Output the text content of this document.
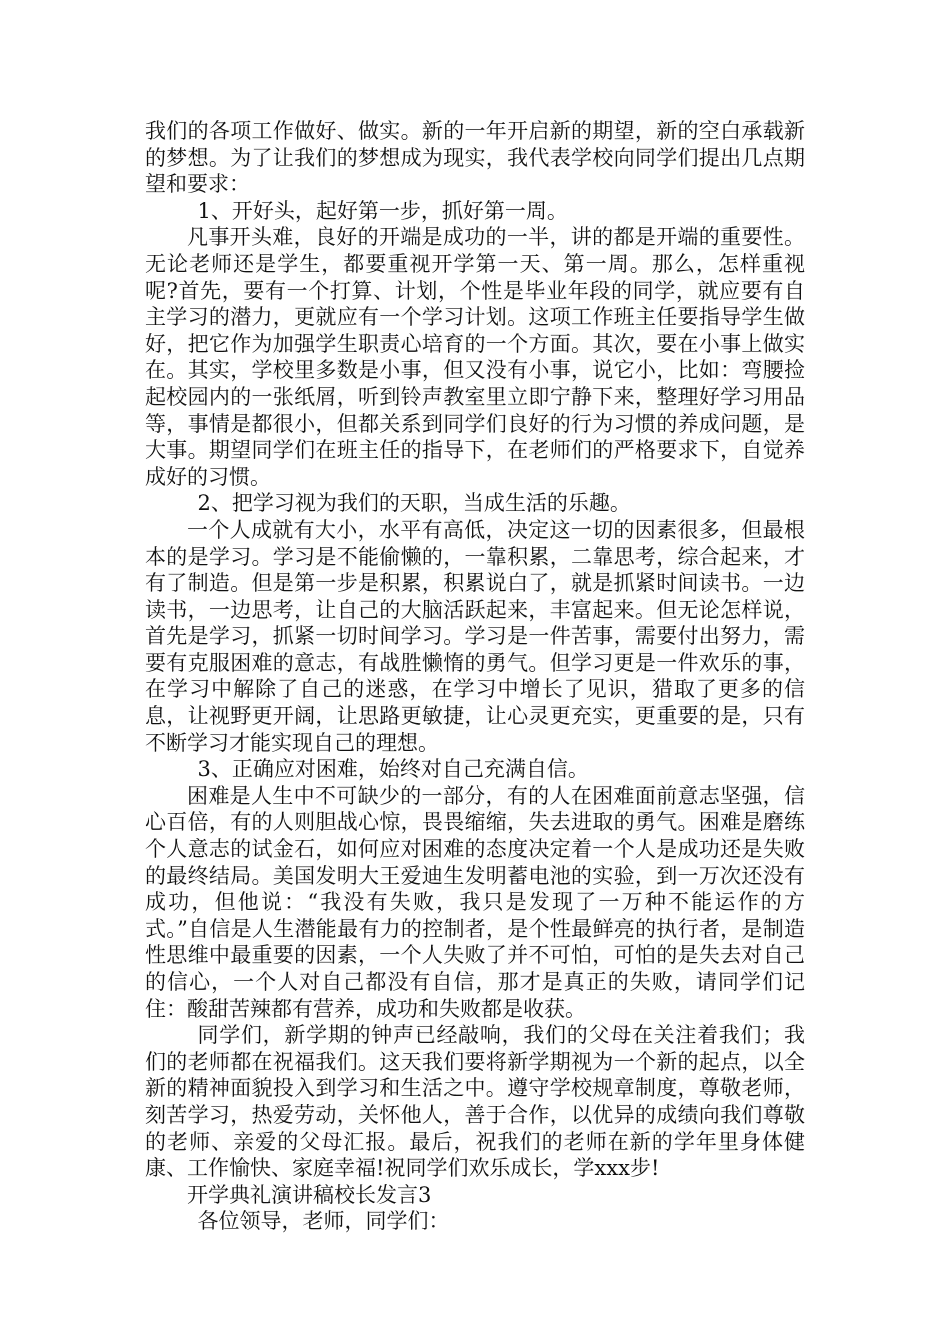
我们的各项工作做好、做实。新的一年开启新的期望，新的空白承载新的梦想。为了让我们的梦想成为现实，我代表学校向同学们提出几点期望和要求：

1、开好头，起好第一步，抓好第一周。

凡事开头难，良好的开端是成功的一半，讲的都是开端的重要性。无论老师还是学生，都要重视开学第一天、第一周。那么，怎样重视呢?首先，要有一个打算、计划，个性是毕业年段的同学，就应要有自主学习的潜力，更就应有一个学习计划。这项工作班主任要指导学生做好，把它作为加强学生职责心培育的一个方面。其次，要在小事上做实在。其实，学校里多数是小事，但又没有小事，说它小，比如：弯腰捡起校园内的一张纸屑，听到铃声教室里立即宁静下来，整理好学习用品等，事情是都很小，但都关系到同学们良好的行为习惯的养成问题，是大事。期望同学们在班主任的指导下，在老师们的严格要求下，自觉养成好的习惯。

2、把学习视为我们的天职，当成生活的乐趣。

一个人成就有大小，水平有高低，决定这一切的因素很多，但最根本的是学习。学习是不能偷懒的，一靠积累，二靠思考，综合起来，才有了制造。但是第一步是积累，积累说白了，就是抓紧时间读书。一边读书，一边思考，让自己的大脑活跃起来，丰富起来。但无论怎样说，首先是学习，抓紧一切时间学习。学习是一件苦事，需要付出努力，需要有克服困难的意志，有战胜懒惰的勇气。但学习更是一件欢乐的事，在学习中解除了自己的迷惑，在学习中增长了见识，猎取了更多的信息，让视野更开阔，让思路更敏捷，让心灵更充实，更重要的是，只有不断学习才能实现自己的理想。

3、正确应对困难，始终对自己充满自信。

困难是人生中不可缺少的一部分，有的人在困难面前意志坚强，信心百倍，有的人则胆战心惊，畏畏缩缩，失去进取的勇气。困难是磨练个人意志的试金石，如何应对困难的态度决定着一个人是成功还是失败的最终结局。美国发明大王爱迪生发明蓄电池的实验，到一万次还没有成功，但他说：“我没有失败，我只是发现了一万种不能运作的方式。”自信是人生潜能最有力的控制者，是个性最鲜亮的执行者，是制造性思维中最重要的因素，一个人失败了并不可怕，可怕的是失去对自己的信心，一个人对自己都没有自信，那才是真正的失败，请同学们记住：酸甜苦辣都有营养，成功和失败都是收获。

同学们，新学期的钟声已经敲响，我们的父母在关注着我们；我们的老师都在祝福我们。这天我们要将新学期视为一个新的起点，以全新的精神面貌投入到学习和生活之中。遵守学校规章制度，尊敬老师，刻苦学习，热爱劳动，关怀他人，善于合作，以优异的成绩向我们尊敬的老师、亲爱的父母汇报。最后，祝我们的老师在新的学年里身体健康、工作愉快、家庭幸福!祝同学们欢乐成长，学xxx步!

开学典礼演讲稿校长发言3

各位领导，老师，同学们：
